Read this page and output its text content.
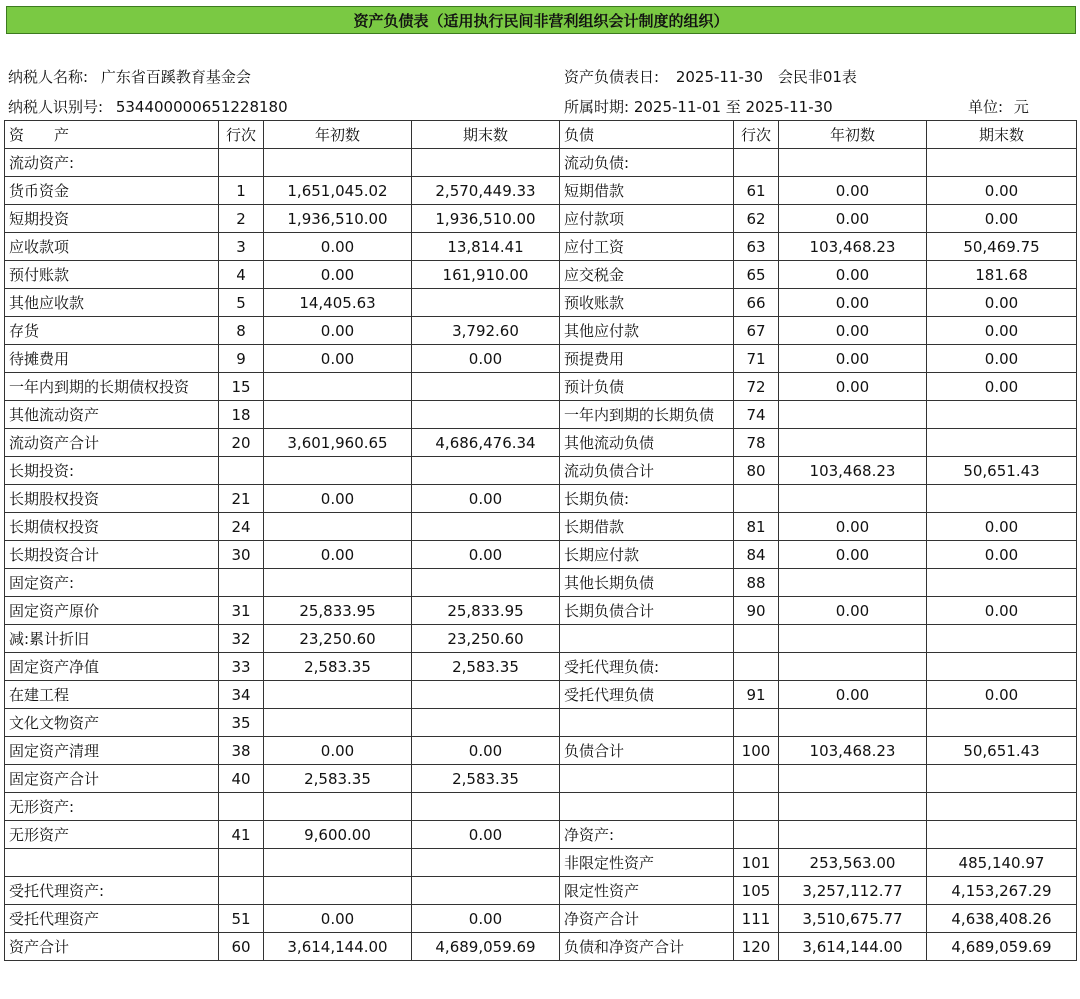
资产负债表（适用执行民间非营利组织会计制度的组织）
纳税人名称: 广东省百蹊教育基金会	资产负债表日: 2025-11-30 会民非01表
纳税人识别号: 534400000651228180	所属时期: 2025-11-01 至 2025-11-30	单位: 元
资　　产	行次	年初数	期末数	负债	行次	年初数	期末数
流动资产:				流动负债:			
货币资金	1	1,651,045.02	2,570,449.33	短期借款	61	0.00	0.00
短期投资	2	1,936,510.00	1,936,510.00	应付款项	62	0.00	0.00
应收款项	3	0.00	13,814.41	应付工资	63	103,468.23	50,469.75
预付账款	4	0.00	161,910.00	应交税金	65	0.00	181.68
其他应收款	5	14,405.63		预收账款	66	0.00	0.00
存货	8	0.00	3,792.60	其他应付款	67	0.00	0.00
待摊费用	9	0.00	0.00	预提费用	71	0.00	0.00
一年内到期的长期债权投资	15			预计负债	72	0.00	0.00
其他流动资产	18			一年内到期的长期负债	74		
流动资产合计	20	3,601,960.65	4,686,476.34	其他流动负债	78		
长期投资:				流动负债合计	80	103,468.23	50,651.43
长期股权投资	21	0.00	0.00	长期负债:			
长期债权投资	24			长期借款	81	0.00	0.00
长期投资合计	30	0.00	0.00	长期应付款	84	0.00	0.00
固定资产:				其他长期负债	88		
固定资产原价	31	25,833.95	25,833.95	长期负债合计	90	0.00	0.00
减:累计折旧	32	23,250.60	23,250.60				
固定资产净值	33	2,583.35	2,583.35	受托代理负债:			
在建工程	34			受托代理负债	91	0.00	0.00
文化文物资产	35						
固定资产清理	38	0.00	0.00	负债合计	100	103,468.23	50,651.43
固定资产合计	40	2,583.35	2,583.35				
无形资产:							
无形资产	41	9,600.00	0.00	净资产:			
				非限定性资产	101	253,563.00	485,140.97
受托代理资产:				限定性资产	105	3,257,112.77	4,153,267.29
受托代理资产	51	0.00	0.00	净资产合计	111	3,510,675.77	4,638,408.26
资产合计	60	3,614,144.00	4,689,059.69	负债和净资产合计	120	3,614,144.00	4,689,059.69
